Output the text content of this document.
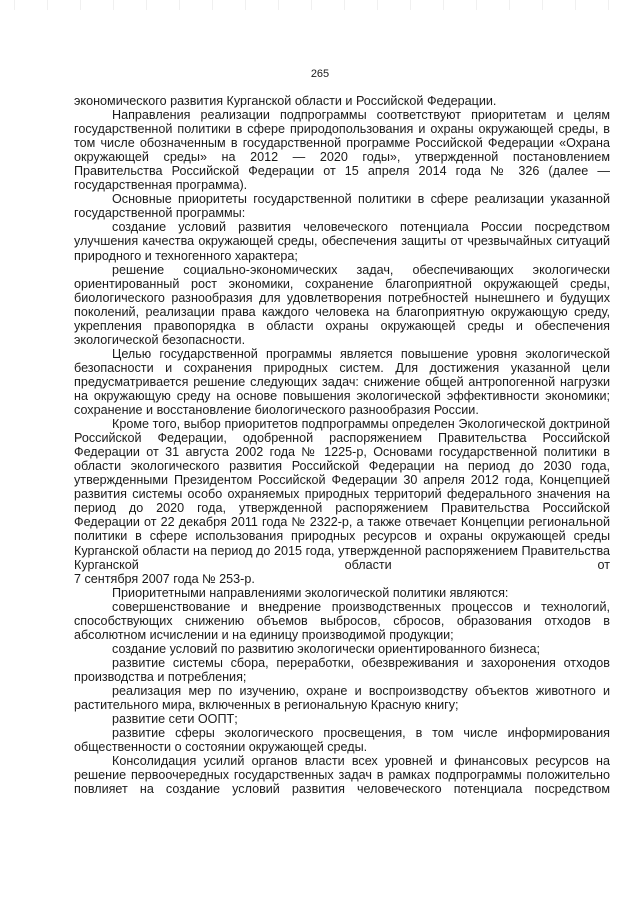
265

экономического развития Курганской области и Российской Федерации.

Направления реализации подпрограммы соответствуют приоритетам и целям государственной политики в сфере природопользования и охраны окружающей среды, в том числе обозначенным в государственной программе Российской Федерации «Охрана окружающей среды» на 2012 — 2020 годы», утвержденной постановлением Правительства Российской Федерации от 15 апреля 2014 года № 326 (далее — государственная программа).

Основные приоритеты государственной политики в сфере реализации указанной государственной программы:

создание условий развития человеческого потенциала России посредством улучшения качества окружающей среды, обеспечения защиты от чрезвычайных ситуаций природного и техногенного характера;

решение социально-экономических задач, обеспечивающих экологически ориентированный рост экономики, сохранение благоприятной окружающей среды, биологического разнообразия для удовлетворения потребностей нынешнего и будущих поколений, реализации права каждого человека на благоприятную окружающую среду, укрепления правопорядка в области охраны окружающей среды и обеспечения экологической безопасности.

Целью государственной программы является повышение уровня экологической безопасности и сохранения природных систем. Для достижения указанной цели предусматривается решение следующих задач: снижение общей антропогенной нагрузки на окружающую среду на основе повышения экологической эффективности экономики; сохранение и восстановление биологического разнообразия России.

Кроме того, выбор приоритетов подпрограммы определен Экологической доктриной Российской Федерации, одобренной распоряжением Правительства Российской Федерации от 31 августа 2002 года № 1225-р, Основами государственной политики в области экологического развития Российской Федерации на период до 2030 года, утвержденными Президентом Российской Федерации 30 апреля 2012 года, Концепцией развития системы особо охраняемых природных территорий федерального значения на период до 2020 года, утвержденной распоряжением Правительства Российской Федерации от 22 декабря 2011 года № 2322-р, а также отвечает Концепции региональной политики в сфере использования природных ресурсов и охраны окружающей среды Курганской области на период до 2015 года, утвержденной распоряжением Правительства Курганской области от

7 сентября 2007 года № 253-р.

Приоритетными направлениями экологической политики являются:

совершенствование и внедрение производственных процессов и технологий, способствующих снижению объемов выбросов, сбросов, образования отходов в абсолютном исчислении и на единицу производимой продукции;

создание условий по развитию экологически ориентированного бизнеса;

развитие системы сбора, переработки, обезвреживания и захоронения отходов производства и потребления;

реализация мер по изучению, охране и воспроизводству объектов животного и растительного мира, включенных в региональную Красную книгу;

развитие сети ООПТ;

развитие сферы экологического просвещения, в том числе информирования общественности о состоянии окружающей среды.

Консолидация усилий органов власти всех уровней и финансовых ресурсов на решение первоочередных государственных задач в рамках подпрограммы положительно повлияет на создание условий развития человеческого потенциала посредством
